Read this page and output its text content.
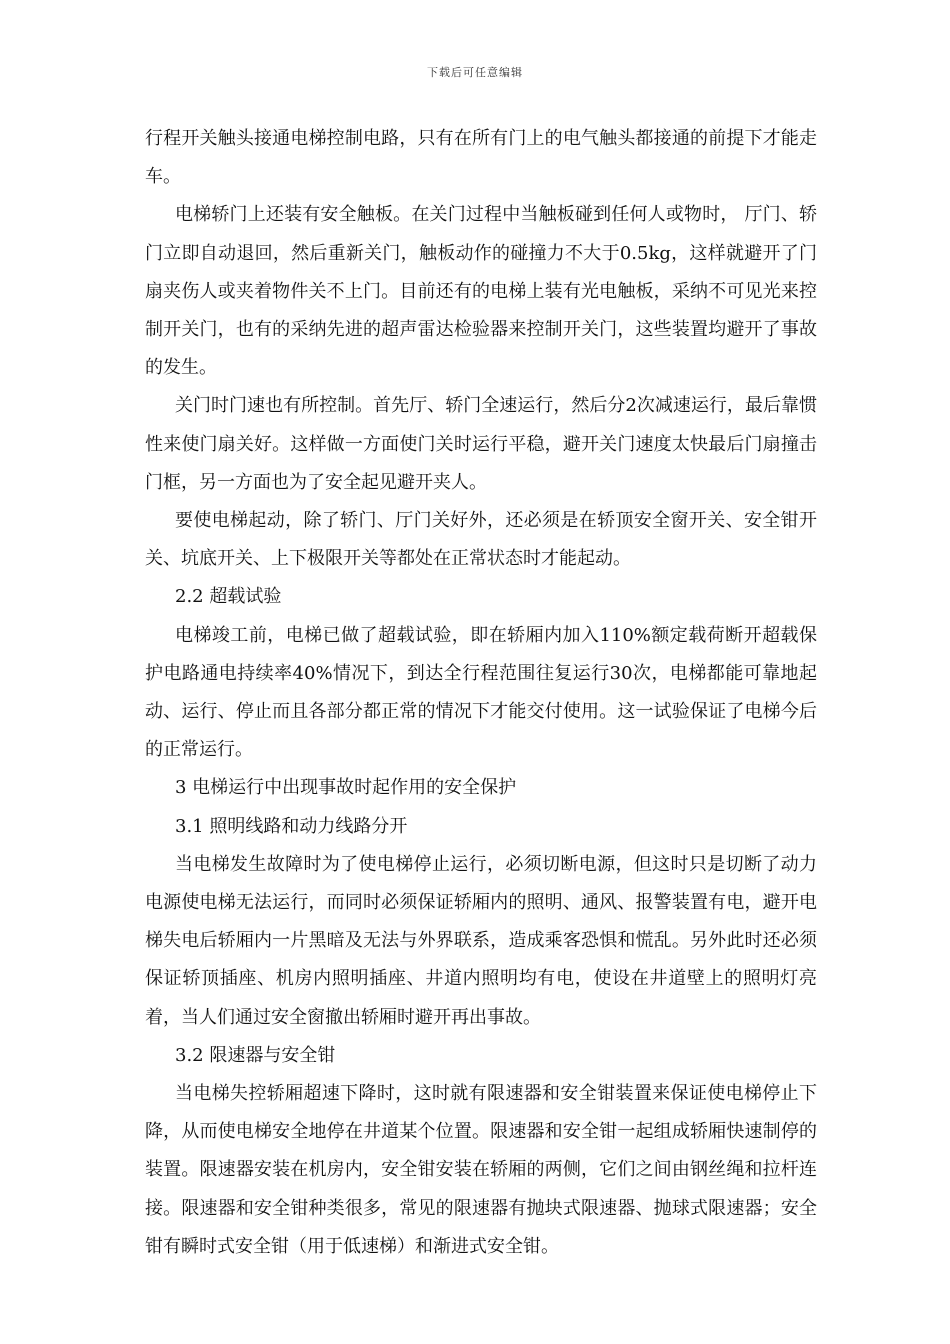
下载后可任意编辑

行程开关触头接通电梯控制电路，只有在所有门上的电气触头都接通的前提下才能走车。

电梯轿门上还装有安全触板。在关门过程中当触板碰到任何人或物时， 厅门、轿门立即自动退回，然后重新关门，触板动作的碰撞力不大于0.5kg，这样就避开了门扇夹伤人或夹着物件关不上门。目前还有的电梯上装有光电触板，采纳不可见光来控制开关门，也有的采纳先进的超声雷达检验器来控制开关门，这些装置均避开了事故的发生。

关门时门速也有所控制。首先厅、轿门全速运行，然后分2次减速运行，最后靠惯性来使门扇关好。这样做一方面使门关时运行平稳，避开关门速度太快最后门扇撞击门框，另一方面也为了安全起见避开夹人。

要使电梯起动，除了轿门、厅门关好外，还必须是在轿顶安全窗开关、安全钳开关、坑底开关、上下极限开关等都处在正常状态时才能起动。

2.2 超载试验

电梯竣工前，电梯已做了超载试验，即在轿厢内加入110%额定载荷断开超载保护电路通电持续率40%情况下，到达全行程范围往复运行30次，电梯都能可靠地起动、运行、停止而且各部分都正常的情况下才能交付使用。这一试验保证了电梯今后的正常运行。

3 电梯运行中出现事故时起作用的安全保护

3.1 照明线路和动力线路分开

当电梯发生故障时为了使电梯停止运行，必须切断电源，但这时只是切断了动力电源使电梯无法运行，而同时必须保证轿厢内的照明、通风、报警装置有电，避开电梯失电后轿厢内一片黑暗及无法与外界联系，造成乘客恐惧和慌乱。另外此时还必须保证轿顶插座、机房内照明插座、井道内照明均有电，使设在井道壁上的照明灯亮着，当人们通过安全窗撤出轿厢时避开再出事故。

3.2 限速器与安全钳

当电梯失控轿厢超速下降时，这时就有限速器和安全钳装置来保证使电梯停止下降，从而使电梯安全地停在井道某个位置。限速器和安全钳一起组成轿厢快速制停的装置。限速器安装在机房内，安全钳安装在轿厢的两侧，它们之间由钢丝绳和拉杆连接。限速器和安全钳种类很多，常见的限速器有抛块式限速器、抛球式限速器；安全钳有瞬时式安全钳（用于低速梯）和渐进式安全钳。
